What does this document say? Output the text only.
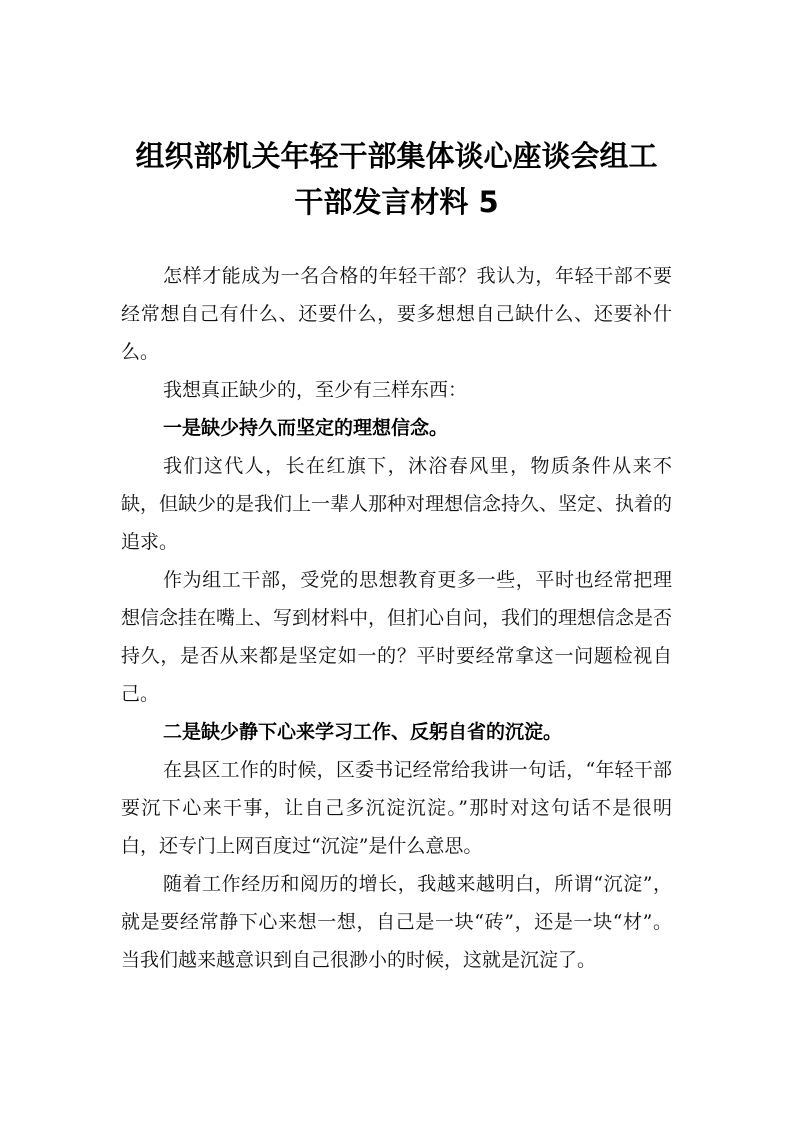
组织部机关年轻干部集体谈心座谈会组工
干部发言材料 5

怎样才能成为一名合格的年轻干部？我认为，年轻干部不要经常想自己有什么、还要什么，要多想想自己缺什么、还要补什么。

我想真正缺少的，至少有三样东西：

一是缺少持久而坚定的理想信念。

我们这代人，长在红旗下，沐浴春风里，物质条件从来不缺，但缺少的是我们上一辈人那种对理想信念持久、坚定、执着的追求。

作为组工干部，受党的思想教育更多一些，平时也经常把理想信念挂在嘴上、写到材料中，但扪心自问，我们的理想信念是否持久，是否从来都是坚定如一的？平时要经常拿这一问题检视自己。

二是缺少静下心来学习工作、反躬自省的沉淀。

在县区工作的时候，区委书记经常给我讲一句话，“年轻干部要沉下心来干事，让自己多沉淀沉淀。”那时对这句话不是很明白，还专门上网百度过“沉淀”是什么意思。

随着工作经历和阅历的增长，我越来越明白，所谓“沉淀”，就是要经常静下心来想一想，自己是一块“砖”，还是一块“材”。当我们越来越意识到自己很渺小的时候，这就是沉淀了。
